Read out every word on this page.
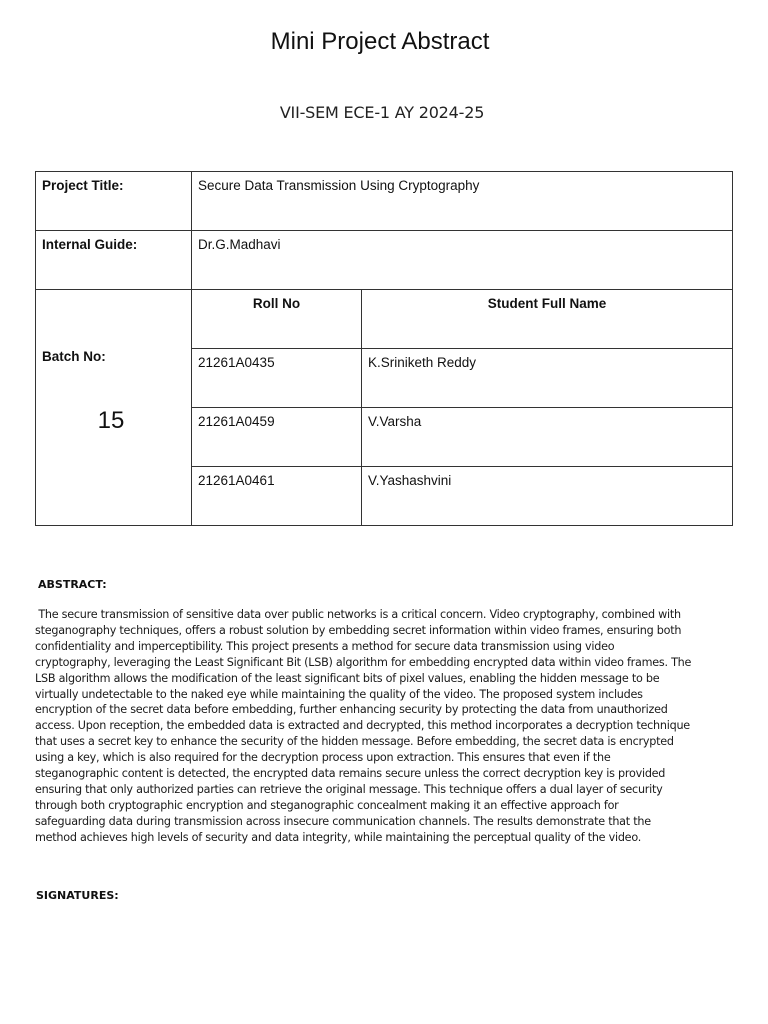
Mini Project Abstract
VII-SEM ECE-1 AY 2024-25
Project Title:	Secure Data Transmission Using Cryptography	
Internal Guide:	Dr.G.Madhavi	

Batch No:
15	Roll No	Student Full Name
	21261A0435	K.Sriniketh Reddy
	21261A0459	V.Varsha
	21261A0461	V.Yashashvini
ABSTRACT:

The secure transmission of sensitive data over public networks is a critical concern. Video cryptography, combined with
steganography techniques, offers a robust solution by embedding secret information within video frames, ensuring both
confidentiality and imperceptibility. This project presents a method for secure data transmission using video
cryptography, leveraging the Least Significant Bit (LSB) algorithm for embedding encrypted data within video frames. The
LSB algorithm allows the modification of the least significant bits of pixel values, enabling the hidden message to be
virtually undetectable to the naked eye while maintaining the quality of the video. The proposed system includes
encryption of the secret data before embedding, further enhancing security by protecting the data from unauthorized
access. Upon reception, the embedded data is extracted and decrypted, this method incorporates a decryption technique
that uses a secret key to enhance the security of the hidden message. Before embedding, the secret data is encrypted
using a key, which is also required for the decryption process upon extraction. This ensures that even if the
steganographic content is detected, the encrypted data remains secure unless the correct decryption key is provided
ensuring that only authorized parties can retrieve the original message. This technique offers a dual layer of security
through both cryptographic encryption and steganographic concealment making it an effective approach for
safeguarding data during transmission across insecure communication channels. The results demonstrate that the
method achieves high levels of security and data integrity, while maintaining the perceptual quality of the video.

SIGNATURES:
